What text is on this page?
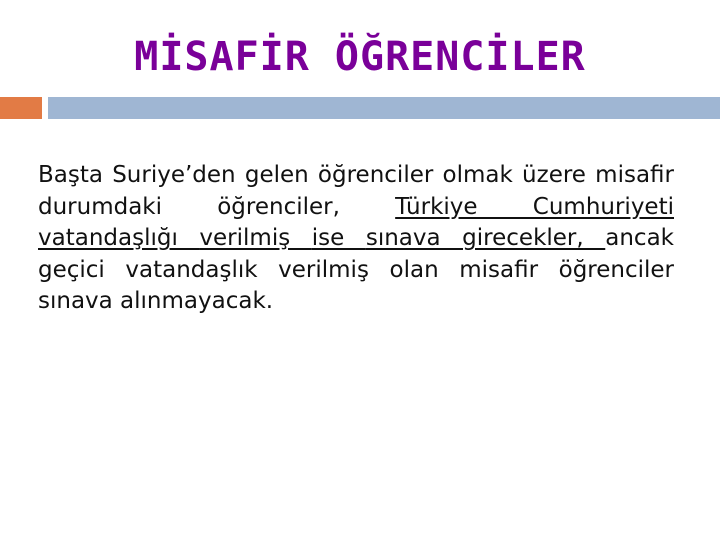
MİSAFİR ÖĞRENCİLER

Başta Suriye’den gelen öğrenciler olmak üzere misafir durumdaki öğrenciler, Türkiye Cumhuriyeti vatandaşlığı verilmiş ise sınava girecekler, ancak geçici vatandaşlık verilmiş olan misafir öğrenciler sınava alınmayacak.
